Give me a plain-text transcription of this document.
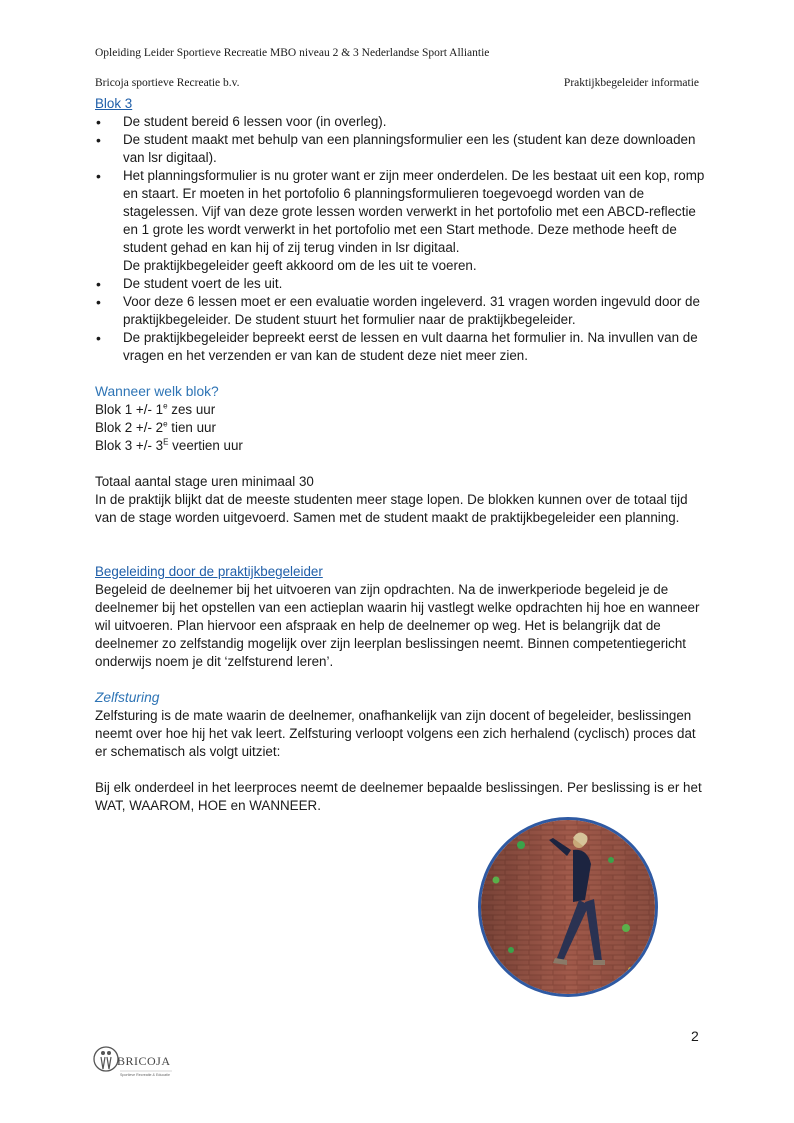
Opleiding Leider Sportieve Recreatie MBO niveau 2 & 3 Nederlandse Sport Alliantie
Bricoja sportieve Recreatie b.v.	Praktijkbegeleider informatie

Blok 3

• De student bereid 6 lessen voor (in overleg).
• De student maakt met behulp van een planningsformulier een les (student kan deze downloaden van lsr digitaal).
• Het planningsformulier is nu groter want er zijn meer onderdelen. De les bestaat uit een kop, romp en staart. Er moeten in het portofolio 6 planningsformulieren toegevoegd worden van de stagelessen. Vijf van deze grote lessen worden verwerkt in het portofolio met een ABCD-reflectie en 1 grote les wordt verwerkt in het portofolio met een Start methode. Deze methode heeft de student gehad en kan hij of zij terug vinden in lsr digitaal.
De praktijkbegeleider geeft akkoord om de les uit te voeren.
• De student voert de les uit.
• Voor deze 6 lessen moet er een evaluatie worden ingeleverd. 31 vragen worden ingevuld door de praktijkbegeleider. De student stuurt het formulier naar de praktijkbegeleider.
• De praktijkbegeleider bepreekt eerst de lessen en vult daarna het formulier in. Na invullen van de vragen en het verzenden er van kan de student deze niet meer zien.

Wanneer welk blok?

Blok 1 +/- 1e zes uur

Blok 2 +/- 2e tien uur

Blok 3 +/- $3^E$ veertien uur

Totaal aantal stage uren minimaal 30

In de praktijk blijkt dat de meeste studenten meer stage lopen. De blokken kunnen over de totaal tijd van de stage worden uitgevoerd. Samen met de student maakt de praktijkbegeleider een planning.

Begeleiding door de praktijkbegeleider

Begeleid de deelnemer bij het uitvoeren van zijn opdrachten. Na de inwerkperiode begeleid je de deelnemer bij het opstellen van een actieplan waarin hij vastlegt welke opdrachten hij hoe en wanneer wil uitvoeren. Plan hiervoor een afspraak en help de deelnemer op weg. Het is belangrijk dat de deelnemer zo zelfstandig mogelijk over zijn leerplan beslissingen neemt. Binnen competentiegericht onderwijs noem je dit ‘zelfsturend leren’.

Zelfsturing

Zelfsturing is de mate waarin de deelnemer, onafhankelijk van zijn docent of begeleider, beslissingen neemt over hoe hij het vak leert. Zelfsturing verloopt volgens een zich herhalend (cyclisch) proces dat er schematisch als volgt uitziet:

Bij elk onderdeel in het leerproces neemt de deelnemer bepaalde beslissingen. Per beslissing is er het WAT, WAAROM, HOE en WANNEER.

2
BRICOJA
Sportieve Recreatie & Educatie
